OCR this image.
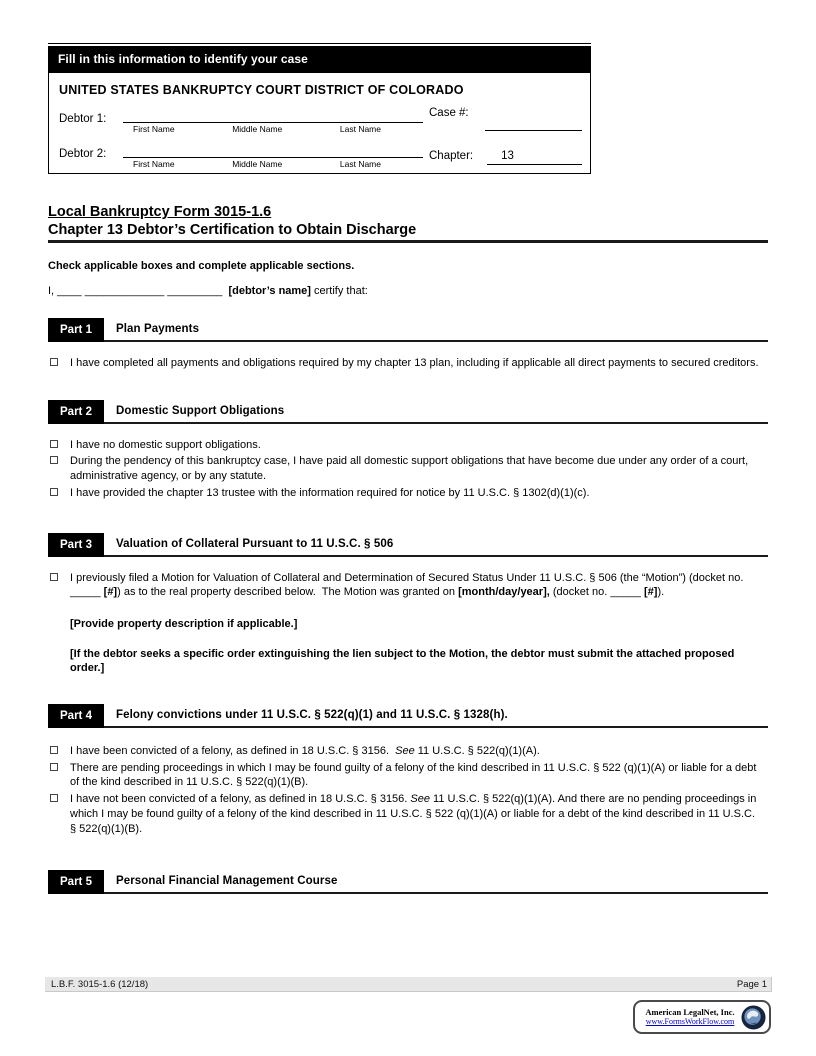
Fill in this information to identify your case
UNITED STATES BANKRUPTCY COURT DISTRICT OF COLORADO
Debtor 1:
First Name	Middle Name	Last Name
Case #:
Debtor 2:
First Name	Middle Name	Last Name
Chapter:	13
Local Bankruptcy Form 3015-1.6
Chapter 13 Debtor’s Certification to Obtain Discharge
Check applicable boxes and complete applicable sections.

I, ____ _____________ _________  [debtor’s name] certify that:

Part 1	Plan Payments
I have completed all payments and obligations required by my chapter 13 plan, including if applicable all direct payments to secured creditors.
Part 2	Domestic Support Obligations
I have no domestic support obligations.
During the pendency of this bankruptcy case, I have paid all domestic support obligations that have become due under any order of a court, administrative agency, or by any statute.
I have provided the chapter 13 trustee with the information required for notice by 11 U.S.C. § 1302(d)(1)(c).
Part 3	Valuation of Collateral Pursuant to 11 U.S.C. § 506
I previously filed a Motion for Valuation of Collateral and Determination of Secured Status Under 11 U.S.C. § 506 (the “Motion”) (docket no. _____ [#]) as to the real property described below.  The Motion was granted on [month/day/year], (docket no. _____ [#]).

[Provide property description if applicable.]

[If the debtor seeks a specific order extinguishing the lien subject to the Motion, the debtor must submit the attached proposed order.]

Part 4	Felony convictions under 11 U.S.C. § 522(q)(1) and 11 U.S.C. § 1328(h).
I have been convicted of a felony, as defined in 18 U.S.C. § 3156.  See 11 U.S.C. § 522(q)(1)(A).
There are pending proceedings in which I may be found guilty of a felony of the kind described in 11 U.S.C. § 522 (q)(1)(A) or liable for a debt of the kind described in 11 U.S.C. § 522(q)(1)(B).
I have not been convicted of a felony, as defined in 18 U.S.C. § 3156. See 11 U.S.C. § 522(q)(1)(A). And there are no pending proceedings in which I may be found guilty of a felony of the kind described in 11 U.S.C. § 522 (q)(1)(A) or liable for a debt of the kind described in 11 U.S.C. § 522(q)(1)(B).
Part 5	Personal Financial Management Course
L.B.F. 3015-1.6 (12/18)	Page 1
American LegalNet, Inc.
www.FormsWorkFlow.com
